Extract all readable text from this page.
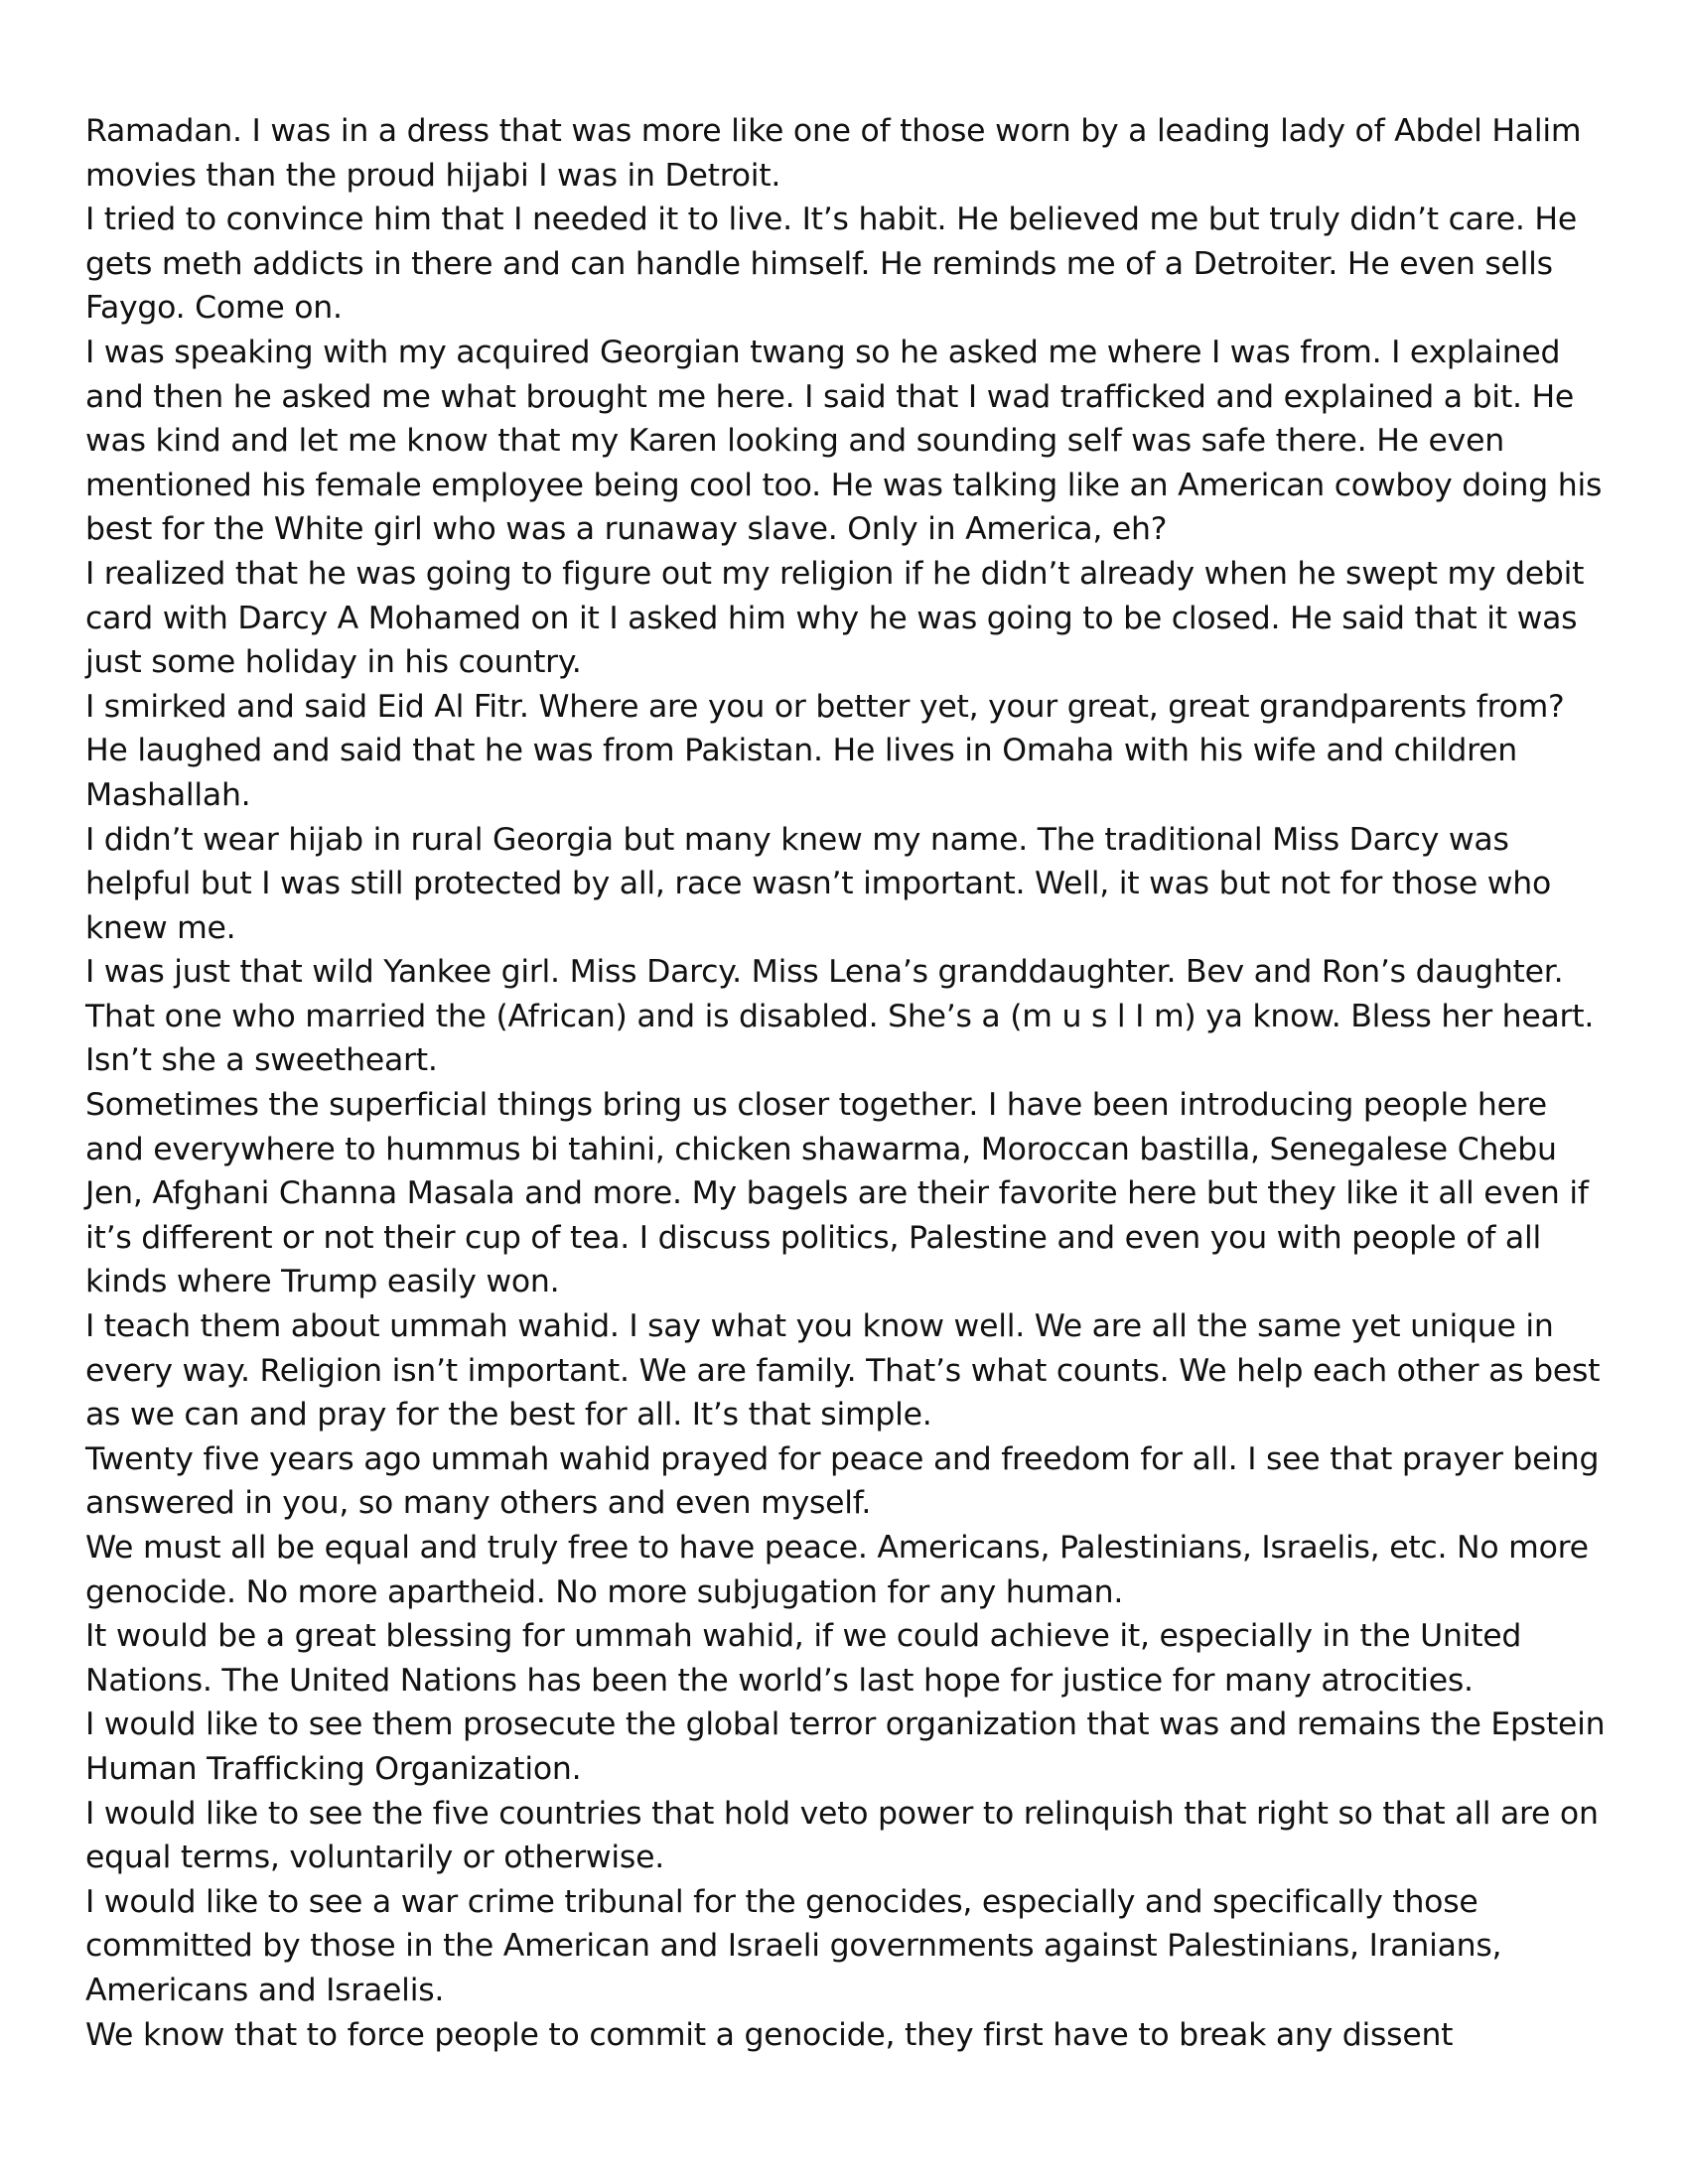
Ramadan. I was in a dress that was more like one of those worn by a leading lady of Abdel Halim movies than the proud hijabi I was in Detroit.

I tried to convince him that I needed it to live. It’s habit. He believed me but truly didn’t care. He gets meth addicts in there and can handle himself. He reminds me of a Detroiter. He even sells Faygo. Come on.

I was speaking with my acquired Georgian twang so he asked me where I was from. I explained and then he asked me what brought me here. I said that I wad trafficked and explained a bit. He was kind and let me know that my Karen looking and sounding self was safe there. He even mentioned his female employee being cool too. He was talking like an American cowboy doing his best for the White girl who was a runaway slave. Only in America, eh?

I realized that he was going to figure out my religion if he didn’t already when he swept my debit card with Darcy A Mohamed on it I asked him why he was going to be closed. He said that it was just some holiday in his country.

I smirked and said Eid Al Fitr. Where are you or better yet, your great, great grandparents from? He laughed and said that he was from Pakistan. He lives in Omaha with his wife and children Mashallah.

I didn’t wear hijab in rural Georgia but many knew my name. The traditional Miss Darcy was helpful but I was still protected by all, race wasn’t important. Well, it was but not for those who knew me.

I was just that wild Yankee girl. Miss Darcy. Miss Lena’s granddaughter. Bev and Ron’s daughter. That one who married the (African) and is disabled. She’s a (m u s l I m) ya know. Bless her heart. Isn’t she a sweetheart.

Sometimes the superficial things bring us closer together. I have been introducing people here and everywhere to hummus bi tahini, chicken shawarma, Moroccan bastilla, Senegalese Chebu Jen, Afghani Channa Masala and more. My bagels are their favorite here but they like it all even if it’s different or not their cup of tea. I discuss politics, Palestine and even you with people of all kinds where Trump easily won.

I teach them about ummah wahid. I say what you know well. We are all the same yet unique in every way. Religion isn’t important. We are family. That’s what counts. We help each other as best as we can and pray for the best for all. It’s that simple.

Twenty five years ago ummah wahid prayed for peace and freedom for all. I see that prayer being answered in you, so many others and even myself.

We must all be equal and truly free to have peace. Americans, Palestinians, Israelis, etc. No more genocide. No more apartheid. No more subjugation for any human.

It would be a great blessing for ummah wahid, if we could achieve it, especially in the United Nations. The United Nations has been the world’s last hope for justice for many atrocities.

I would like to see them prosecute the global terror organization that was and remains the Epstein Human Trafficking Organization.

I would like to see the five countries that hold veto power to relinquish that right so that all are on equal terms, voluntarily or otherwise.

I would like to see a war crime tribunal for the genocides, especially and specifically those committed by those in the American and Israeli governments against Palestinians, Iranians, Americans and Israelis.

We know that to force people to commit a genocide, they first have to break any dissent
